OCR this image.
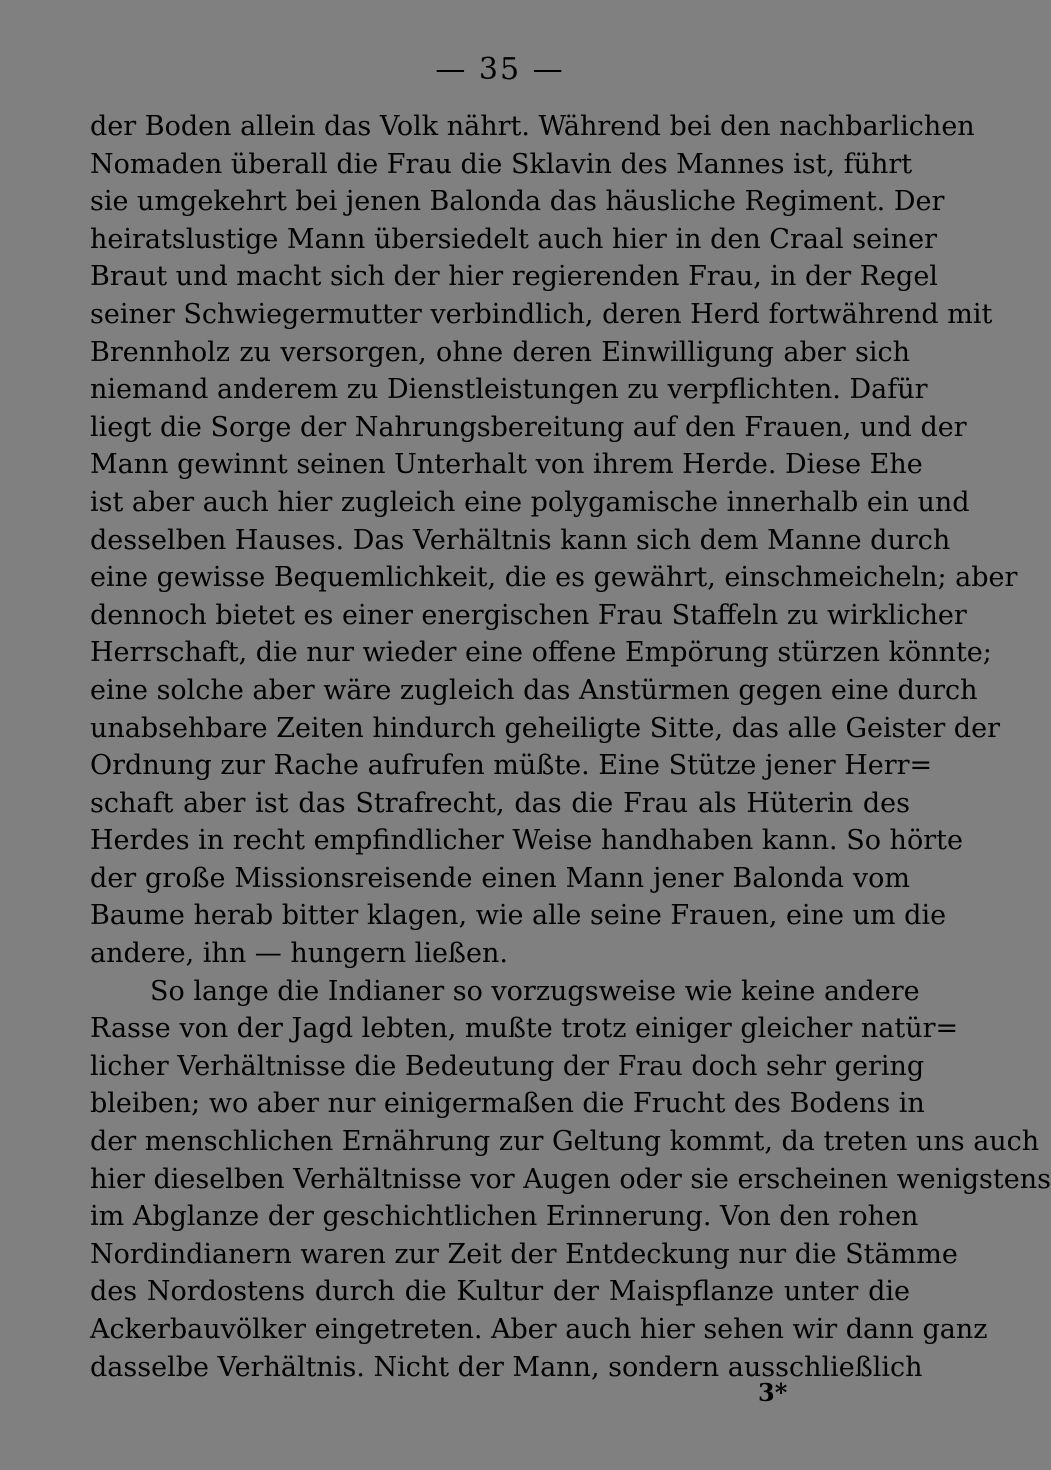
— 35 —
der Boden allein das Volk nährt. Während bei den nachbarlichen
Nomaden überall die Frau die Sklavin des Mannes ist, führt
sie umgekehrt bei jenen Balonda das häusliche Regiment. Der
heiratslustige Mann übersiedelt auch hier in den Craal seiner
Braut und macht sich der hier regierenden Frau, in der Regel
seiner Schwiegermutter verbindlich, deren Herd fortwährend mit
Brennholz zu versorgen, ohne deren Einwilligung aber sich
niemand anderem zu Dienstleistungen zu verpflichten. Dafür
liegt die Sorge der Nahrungsbereitung auf den Frauen, und der
Mann gewinnt seinen Unterhalt von ihrem Herde. Diese Ehe
ist aber auch hier zugleich eine polygamische innerhalb ein und
desselben Hauses. Das Verhältnis kann sich dem Manne durch
eine gewisse Bequemlichkeit, die es gewährt, einschmeicheln; aber
dennoch bietet es einer energischen Frau Staffeln zu wirklicher
Herrschaft, die nur wieder eine offene Empörung stürzen könnte;
eine solche aber wäre zugleich das Anstürmen gegen eine durch
unabsehbare Zeiten hindurch geheiligte Sitte, das alle Geister der
Ordnung zur Rache aufrufen müßte. Eine Stütze jener Herr=
schaft aber ist das Strafrecht, das die Frau als Hüterin des
Herdes in recht empfindlicher Weise handhaben kann. So hörte
der große Missionsreisende einen Mann jener Balonda vom
Baume herab bitter klagen, wie alle seine Frauen, eine um die
andere, ihn — hungern ließen.
So lange die Indianer so vorzugsweise wie keine andere
Rasse von der Jagd lebten, mußte trotz einiger gleicher natür=
licher Verhältnisse die Bedeutung der Frau doch sehr gering
bleiben; wo aber nur einigermaßen die Frucht des Bodens in
der menschlichen Ernährung zur Geltung kommt, da treten uns auch
hier dieselben Verhältnisse vor Augen oder sie erscheinen wenigstens
im Abglanze der geschichtlichen Erinnerung. Von den rohen
Nordindianern waren zur Zeit der Entdeckung nur die Stämme
des Nordostens durch die Kultur der Maispflanze unter die
Ackerbauvölker eingetreten. Aber auch hier sehen wir dann ganz
dasselbe Verhältnis. Nicht der Mann, sondern ausschließlich
3*
